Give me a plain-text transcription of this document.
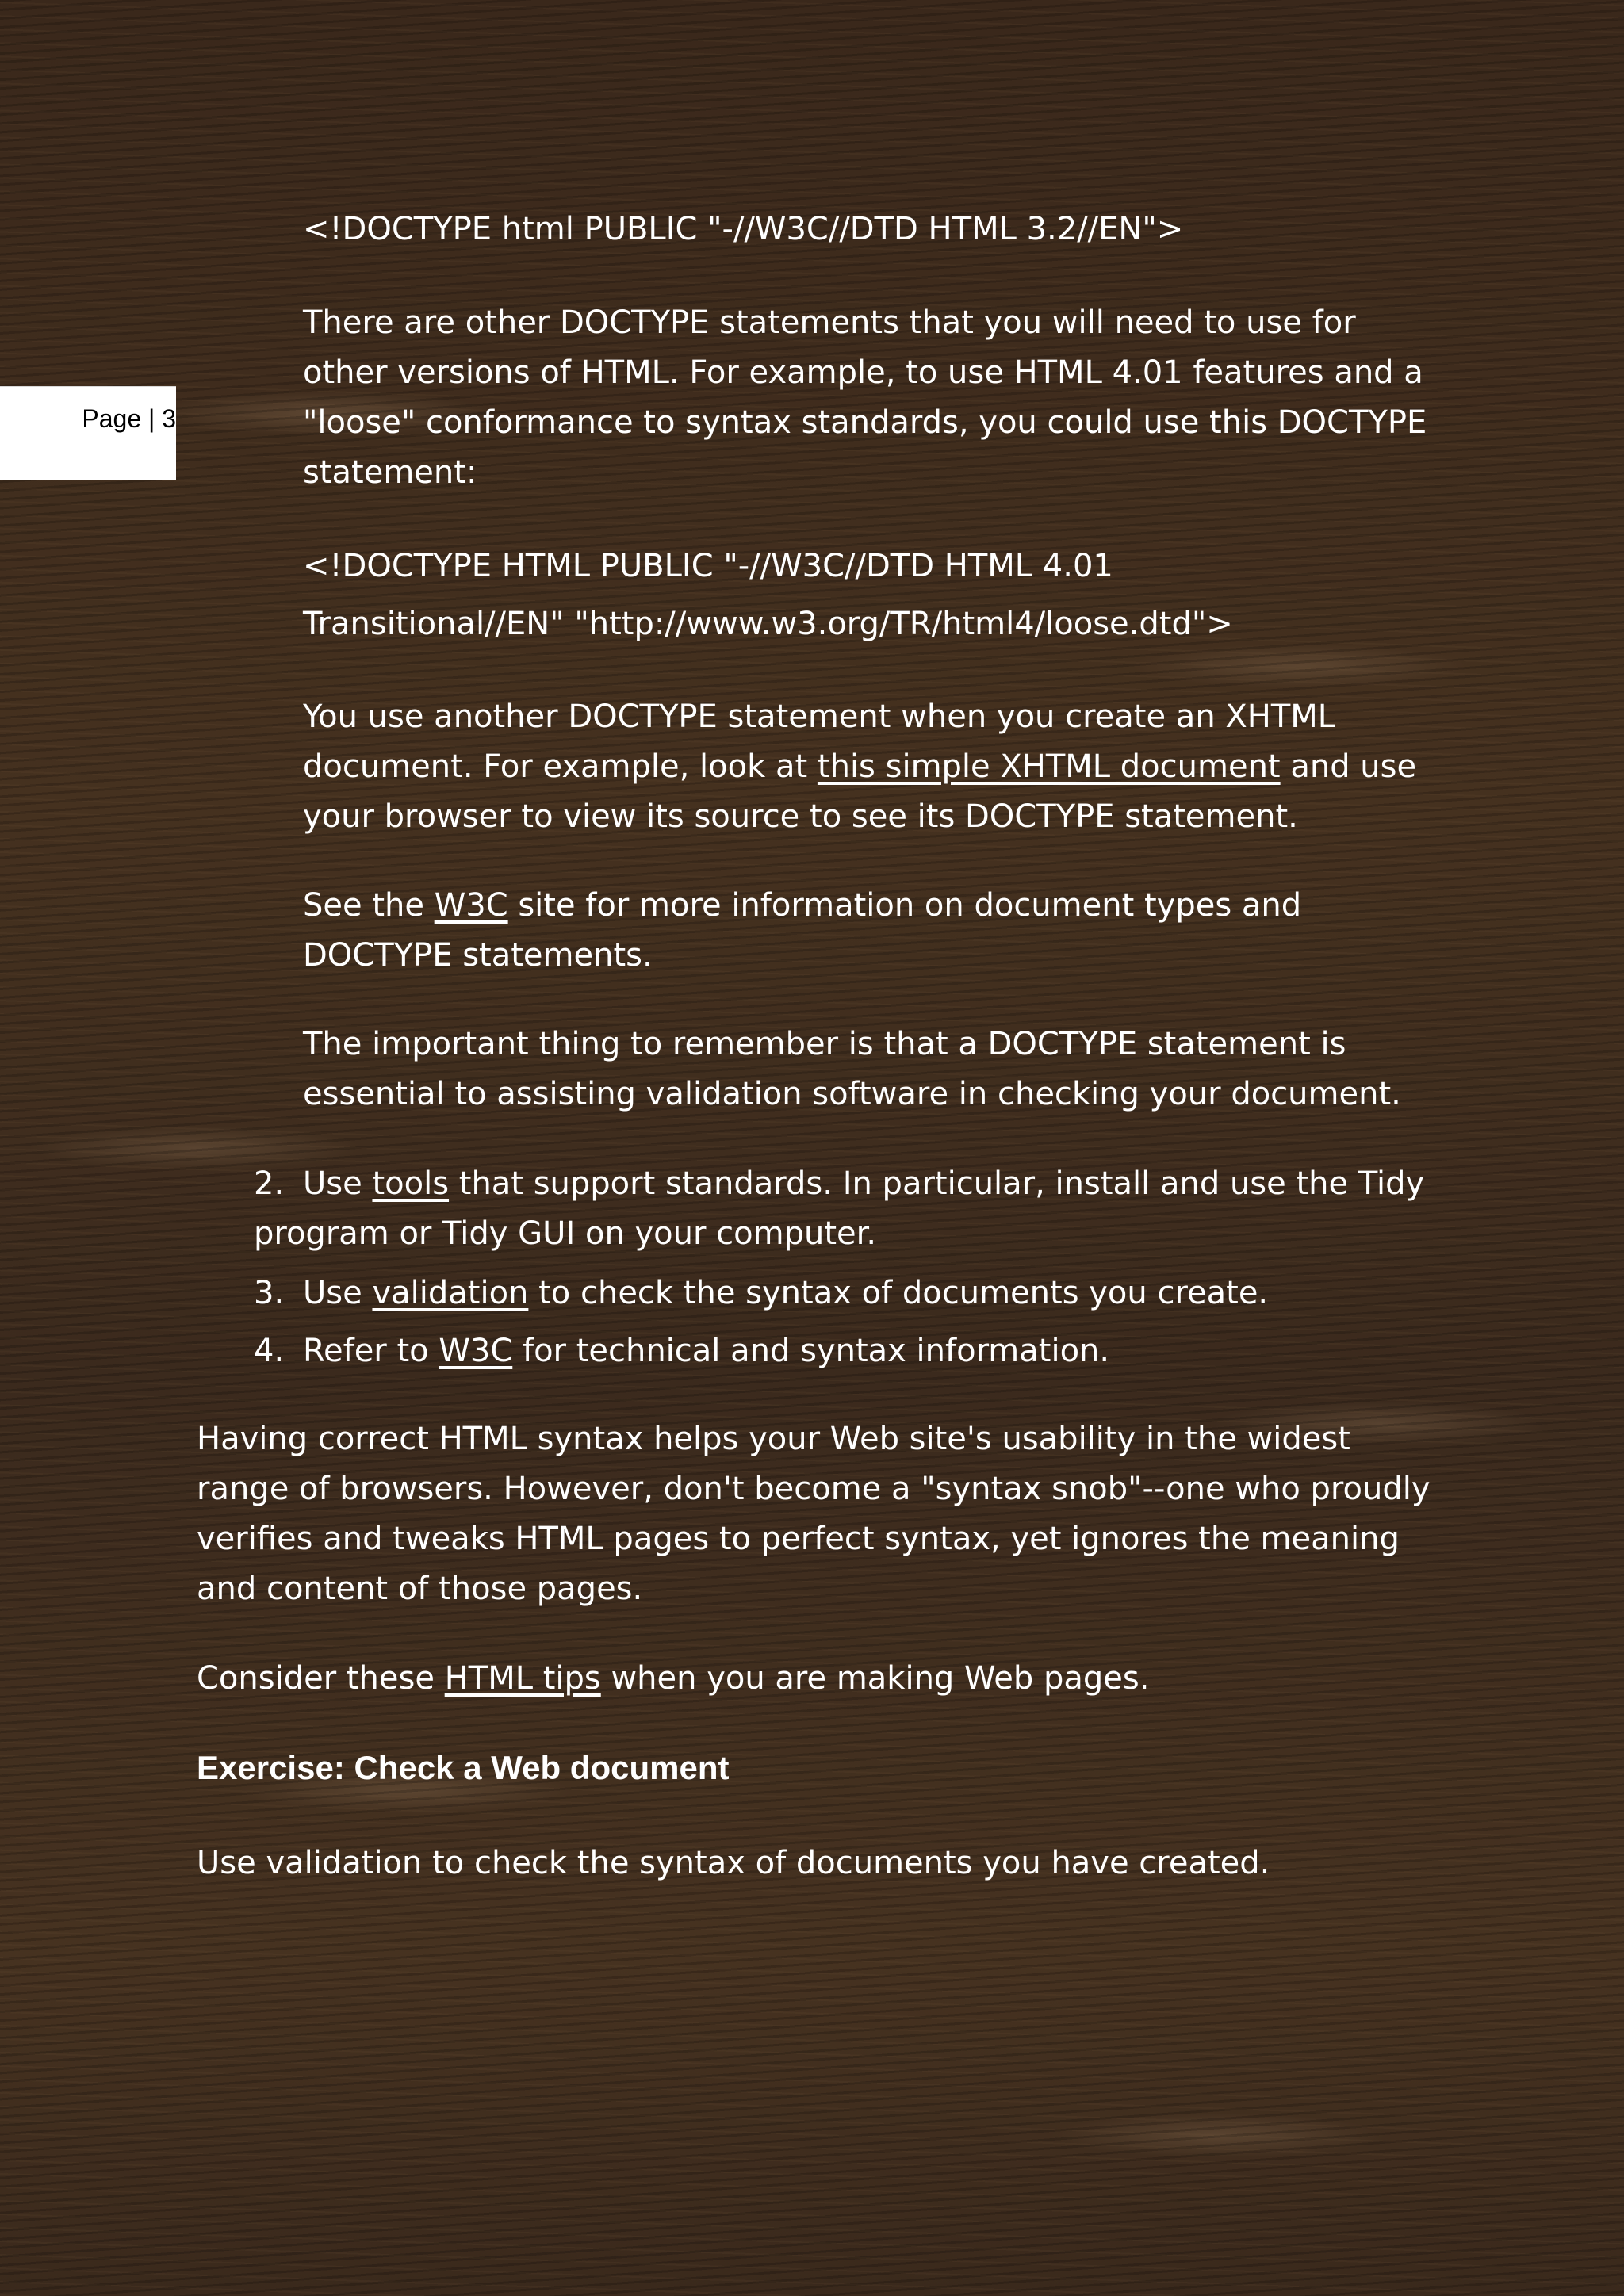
Page | 3

<!DOCTYPE html PUBLIC "-//W3C//DTD HTML 3.2//EN">

There are other DOCTYPE statements that you will need to use for other versions of HTML. For example, to use HTML 4.01 features and a "loose" conformance to syntax standards, you could use this DOCTYPE statement:

<!DOCTYPE HTML PUBLIC "-//W3C//DTD HTML 4.01
Transitional//EN" "http://www.w3.org/TR/html4/loose.dtd">

You use another DOCTYPE statement when you create an XHTML document. For example, look at this simple XHTML document and use your browser to view its source to see its DOCTYPE statement.

See the W3C site for more information on document types and DOCTYPE statements.

The important thing to remember is that a DOCTYPE statement is essential to assisting validation software in checking your document.

2. Use tools that support standards. In particular, install and use the Tidy program or Tidy GUI on your computer.
3. Use validation to check the syntax of documents you create.
4. Refer to W3C for technical and syntax information.

Having correct HTML syntax helps your Web site's usability in the widest range of browsers. However, don't become a "syntax snob"--one who proudly verifies and tweaks HTML pages to perfect syntax, yet ignores the meaning and content of those pages.

Consider these HTML tips when you are making Web pages.

Exercise: Check a Web document

Use validation to check the syntax of documents you have created.
